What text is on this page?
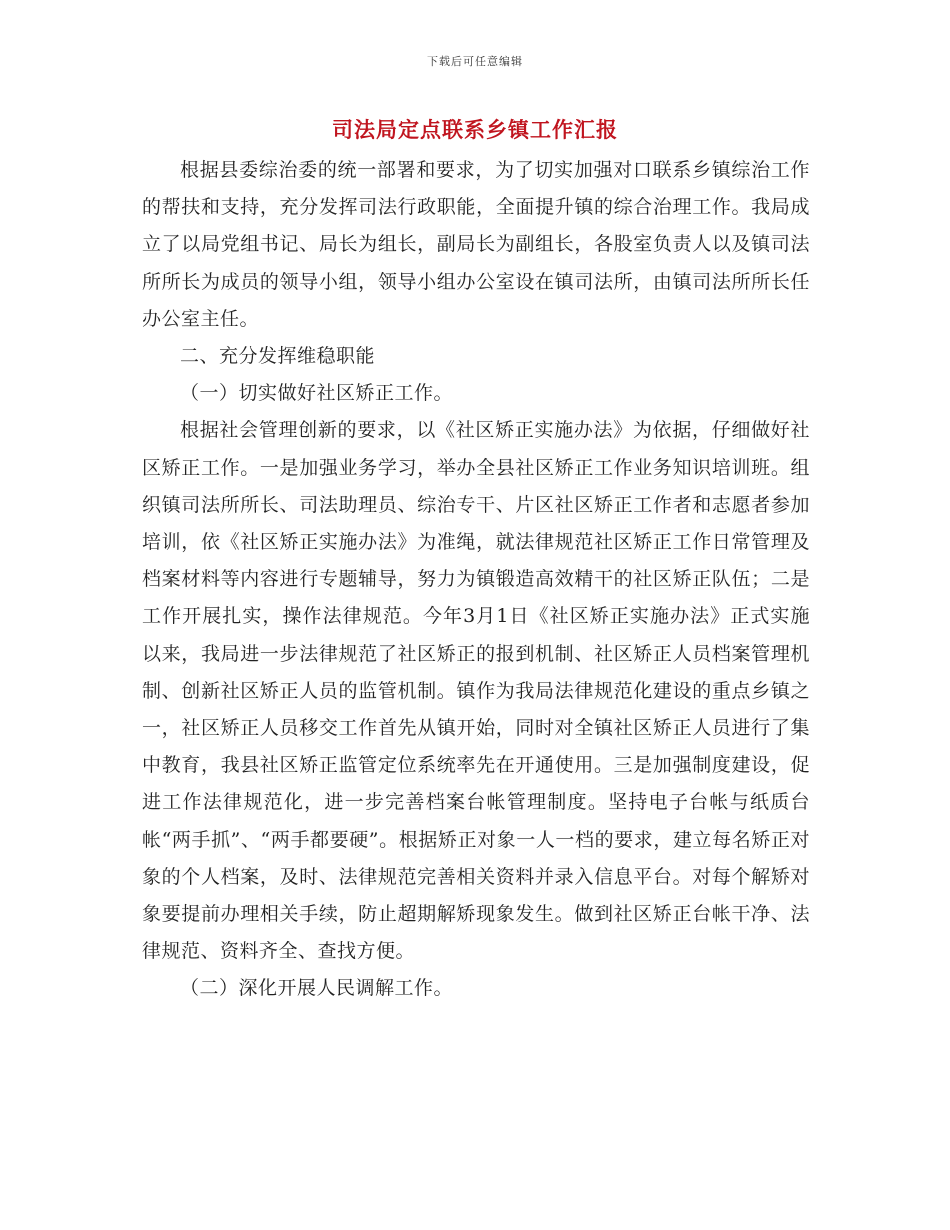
下载后可任意编辑
司法局定点联系乡镇工作汇报

根据县委综治委的统一部署和要求，为了切实加强对口联系乡镇综治工作的帮扶和支持，充分发挥司法行政职能，全面提升镇的综合治理工作。我局成立了以局党组书记、局长为组长，副局长为副组长，各股室负责人以及镇司法所所长为成员的领导小组，领导小组办公室设在镇司法所，由镇司法所所长任办公室主任。

二、充分发挥维稳职能

（一）切实做好社区矫正工作。

根据社会管理创新的要求，以《社区矫正实施办法》为依据，仔细做好社区矫正工作。一是加强业务学习，举办全县社区矫正工作业务知识培训班。组织镇司法所所长、司法助理员、综治专干、片区社区矫正工作者和志愿者参加培训，依《社区矫正实施办法》为准绳，就法律规范社区矫正工作日常管理及档案材料等内容进行专题辅导，努力为镇锻造高效精干的社区矫正队伍；二是工作开展扎实，操作法律规范。今年3月1日《社区矫正实施办法》正式实施以来，我局进一步法律规范了社区矫正的报到机制、社区矫正人员档案管理机制、创新社区矫正人员的监管机制。镇作为我局法律规范化建设的重点乡镇之一，社区矫正人员移交工作首先从镇开始，同时对全镇社区矫正人员进行了集中教育，我县社区矫正监管定位系统率先在开通使用。三是加强制度建设，促进工作法律规范化，进一步完善档案台帐管理制度。坚持电子台帐与纸质台帐“两手抓”、“两手都要硬”。根据矫正对象一人一档的要求，建立每名矫正对象的个人档案，及时、法律规范完善相关资料并录入信息平台。对每个解矫对象要提前办理相关手续，防止超期解矫现象发生。做到社区矫正台帐干净、法律规范、资料齐全、查找方便。

（二）深化开展人民调解工作。
